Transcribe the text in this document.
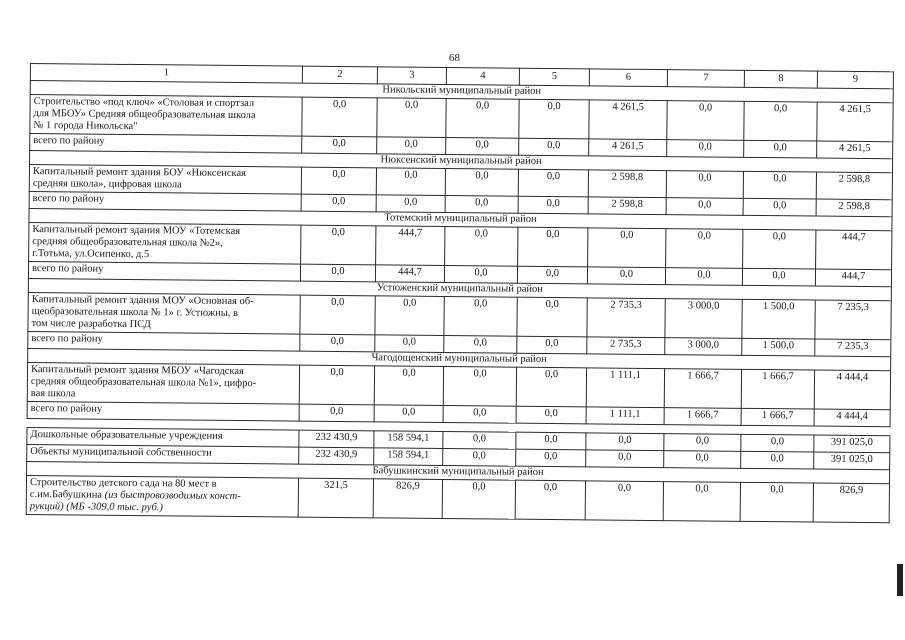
68
1	2	3	4	5	6	7	8	9
Никольский муниципальный район								

Строительство «под ключ» «Столовая и спортзал
для МБОУ» Средняя общеобразовательная школа
№ 1 города Никольска"	0,0	0,0	0,0	0,0	4 261,5	0,0	0,0	4 261,5
всего по району	0,0	0,0	0,0	0,0	4 261,5	0,0	0,0	4 261,5
Нюксенский муниципальный район								

Капитальный ремонт здания БОУ «Нюксенская
средняя школа», цифровая школа	0,0	0,0	0,0	0,0	2 598,8	0,0	0,0	2 598,8
всего по району	0,0	0,0	0,0	0,0	2 598,8	0,0	0,0	2 598,8
Тотемский муниципальный район								

Капитальный ремонт здания МОУ «Тотемская
средняя общеобразовательная школа №2»,
г.Тотьма, ул.Осипенко, д.5	0,0	444,7	0,0	0,0	0,0	0,0	0,0	444,7
всего по району	0,0	444,7	0,0	0,0	0,0	0,0	0,0	444,7
Устюженский муниципальный район								

Капитальный ремонт здания МОУ «Основная об-
щеобразовательная школа № 1» г. Устюжны, в
том числе разработка ПСД	0,0	0,0	0,0	0,0	2 735,3	3 000,0	1 500,0	7 235,3
всего по району	0,0	0,0	0,0	0,0	2 735,3	3 000,0	1 500,0	7 235,3
Чагодощенский муниципальный район								

Капитальный ремонт здания МБОУ «Чагодская
средняя общеобразовательная школа №1», цифро-
вая школа	0,0	0,0	0,0	0,0	1 111,1	1 666,7	1 666,7	4 444,4
всего по району	0,0	0,0	0,0	0,0	1 111,1	1 666,7	1 666,7	4 444,4

Дошкольные образовательные учреждения	232 430,9	158 594,1	0,0	0,0	0,0	0,0	0,0	391 025,0
Объекты муниципальной собственности	232 430,9	158 594,1	0,0	0,0	0,0	0,0	0,0	391 025,0
Бабушкинский муниципальный район								

Строительство детского сада на 80 мест в
с.им.Бабушкина (из быстровозводимых конст-
рукций) (МБ -309,0 тыс. руб.)	321,5	826,9	0,0	0,0	0,0	0,0	0,0	826,9
